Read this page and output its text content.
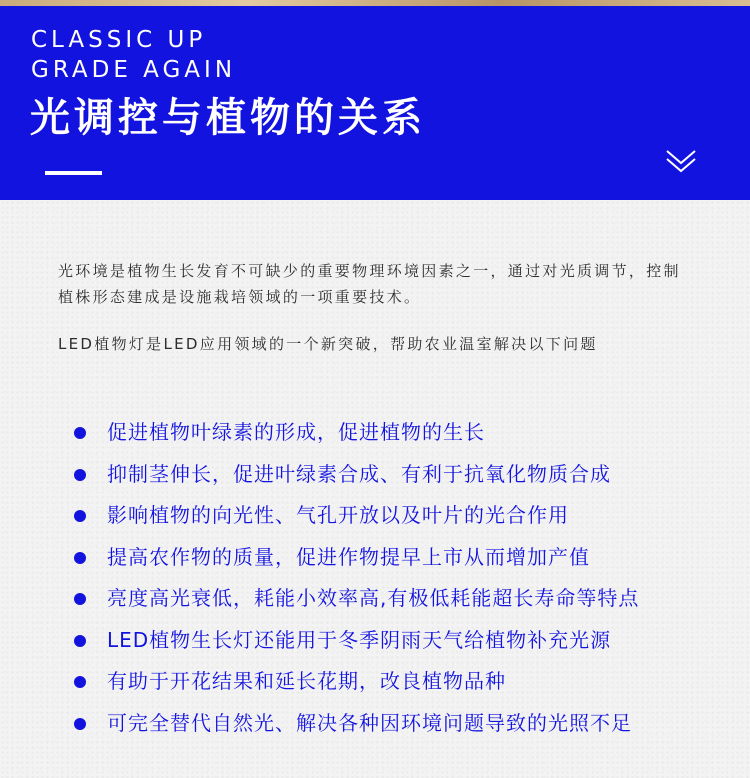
CLASSIC UP
GRADE AGAIN
光调控与植物的关系

光环境是植物生长发育不可缺少的重要物理环境因素之一，通过对光质调节，控制植株形态建成是设施栽培领域的一项重要技术。

LED植物灯是LED应用领域的一个新突破，帮助农业温室解决以下问题

促进植物叶绿素的形成，促进植物的生长
抑制茎伸长，促进叶绿素合成、有利于抗氧化物质合成
影响植物的向光性、气孔开放以及叶片的光合作用
提高农作物的质量，促进作物提早上市从而增加产值
亮度高光衰低，耗能小效率高,有极低耗能超长寿命等特点
LED植物生长灯还能用于冬季阴雨天气给植物补充光源
有助于开花结果和延长花期，改良植物品种
可完全替代自然光、解决各种因环境问题导致的光照不足
